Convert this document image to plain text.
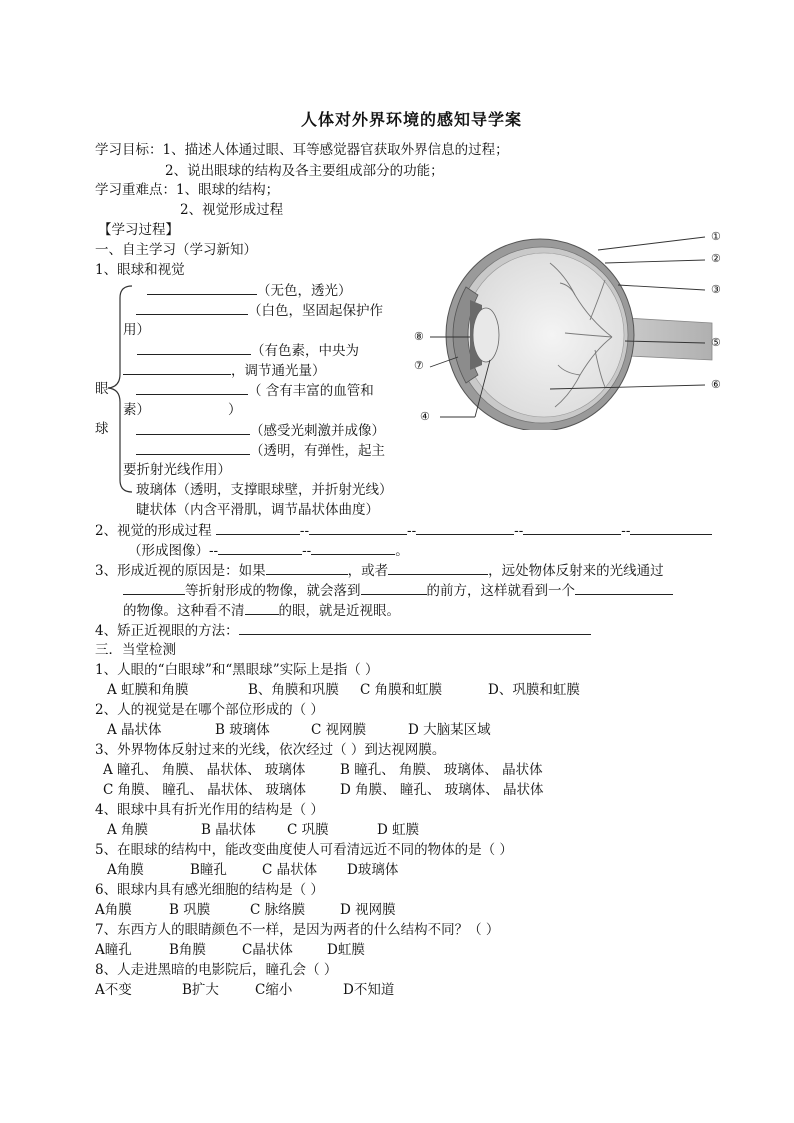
人体对外界环境的感知导学案
学习目标：1、描述人体通过眼、耳等感觉器官获取外界信息的过程；
2、说出眼球的结构及各主要组成部分的功能；
学习重难点：1、眼球的结构；
2、视觉形成过程
【学习过程】
一、自主学习（学习新知）
1、眼球和视觉
眼
球
（无色，透光）
（白色，坚固起保护作
用）
（有色素，中央为
，调节通光量）
（ 含有丰富的血管和
素）	）
（感受光刺激并成像）
（透明，有弹性，起主
要折射光线作用）
玻璃体（透明，支撑眼球壁，并折射光线）
睫状体（内含平滑肌，调节晶状体曲度）
2、视觉的形成过程	--	--	--	--
（形成图像）--	--	。
3、形成近视的原因是：如果	，或者	，远处物体反射来的光线通过
等折射形成的物像，就会落到	的前方，这样就看到一个
的物像。这种看不清	的眼，就是近视眼。
4、矫正近视眼的方法：
三．当堂检测
1、人眼的“白眼球”和“黑眼球”实际上是指（ ）
A 虹膜和角膜	B、角膜和巩膜 C 角膜和虹膜	D、巩膜和虹膜
2、人的视觉是在哪个部位形成的（ ）
A 晶状体	B 玻璃体	C 视网膜	D 大脑某区域
3、外界物体反射过来的光线，依次经过（ ）到达视网膜。
A 瞳孔、 角膜、 晶状体、 玻璃体	B 瞳孔、 角膜、 玻璃体、 晶状体
C 角膜、 瞳孔、 晶状体、 玻璃体	D 角膜、 瞳孔、 玻璃体、 晶状体
4、眼球中具有折光作用的结构是（ ）
A 角膜	B 晶状体 C 巩膜	D 虹膜
5、在眼球的结构中，能改变曲度使人可看清远近不同的物体的是（ ）
A角膜	B瞳孔	C 晶状体 D玻璃体
6、眼球内具有感光细胞的结构是（ ）
A角膜	B 巩膜	C 脉络膜	D 视网膜
7、东西方人的眼睛颜色不一样，是因为两者的什么结构不同？（ ）
A瞳孔	B角膜	C晶状体	D虹膜
8、人走进黑暗的电影院后，瞳孔会（ ）
A不变	B扩大	C缩小	D不知道
①
②
③
④
⑤
⑥
⑦
⑧
